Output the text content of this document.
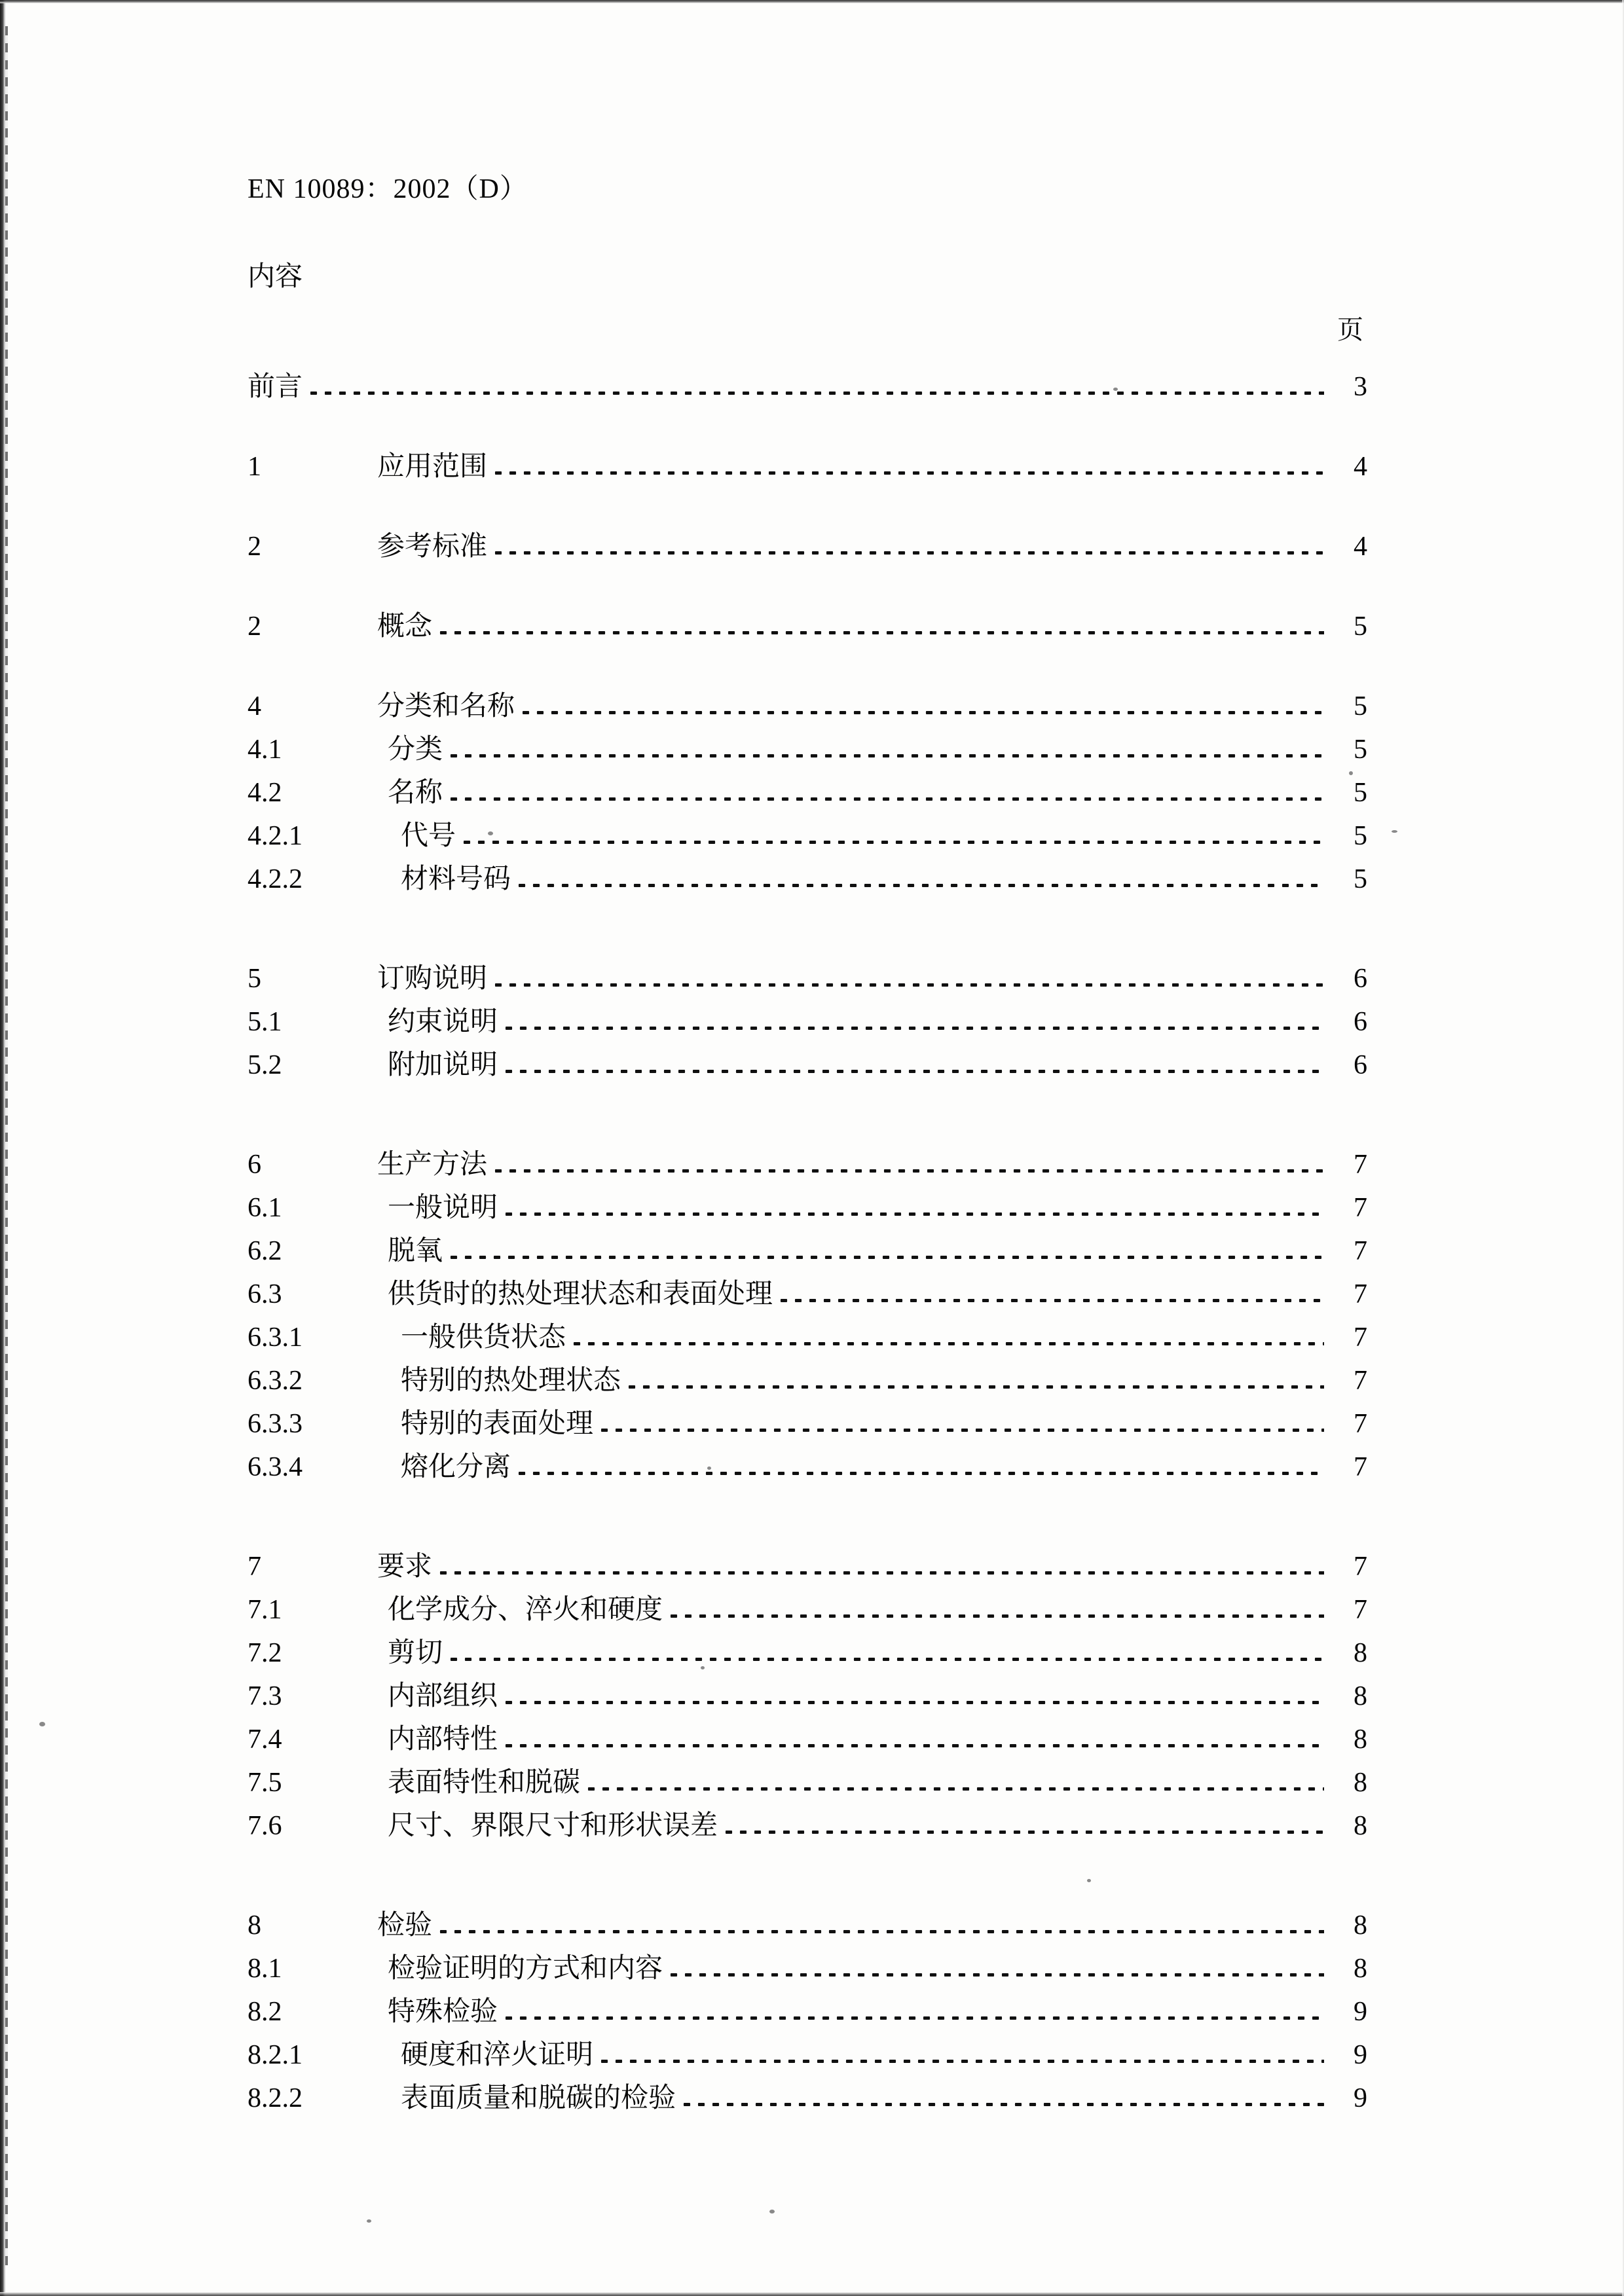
EN 10089：2002（D）
内容
页
前言	3
1	应用范围	4
2	参考标准	4
2	概念	5
4	分类和名称	5
4.1	分类	5
4.2	名称	5
4.2.1	代号	5
4.2.2	材料号码	5
5	订购说明	6
5.1	约束说明	6
5.2	附加说明	6
6	生产方法	7
6.1	一般说明	7
6.2	脱氧	7
6.3	供货时的热处理状态和表面处理	7
6.3.1	一般供货状态	7
6.3.2	特别的热处理状态	7
6.3.3	特别的表面处理	7
6.3.4	熔化分离	7
7	要求	7
7.1	化学成分、淬火和硬度	7
7.2	剪切	8
7.3	内部组织	8
7.4	内部特性	8
7.5	表面特性和脱碳	8
7.6	尺寸、界限尺寸和形状误差	8
8	检验	8
8.1	检验证明的方式和内容	8
8.2	特殊检验	9
8.2.1	硬度和淬火证明	9
8.2.2	表面质量和脱碳的检验	9
